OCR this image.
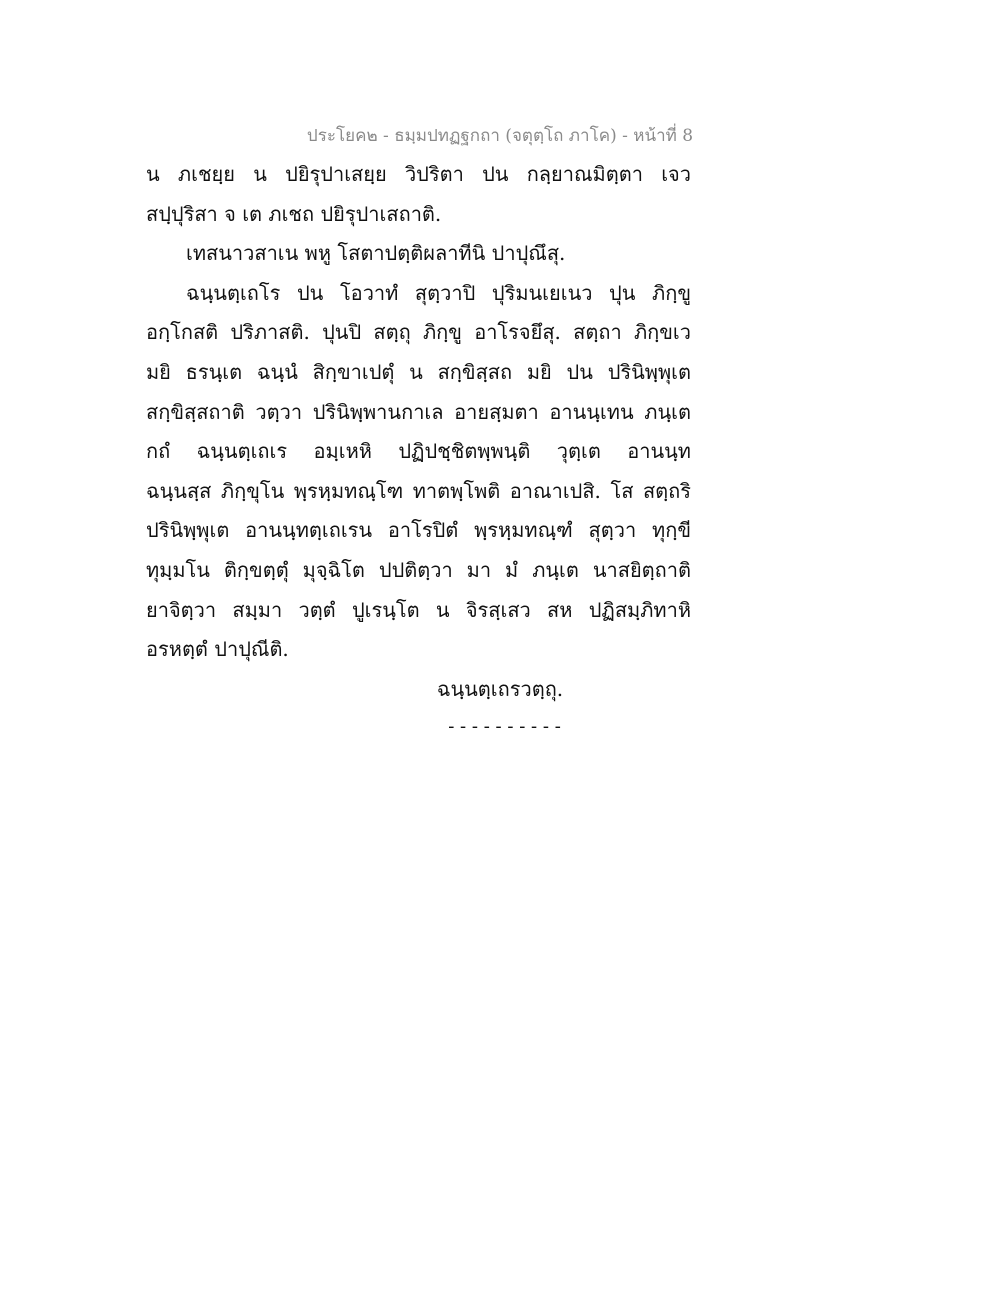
ประโยค๒ - ธมฺมปทฏฐกถา (จตุตฺโถ ภาโค) - หน้าที่ 8
น ภเชยฺย น ปยิรุปาเสยฺย วิปริตา ปน กลฺยาณมิตฺตา เจว
สปฺปุริสา จ เต ภเชถ ปยิรุปาเสถาติ.
เทสนาวสาเน พหู โสตาปตฺติผลาทีนิ ปาปุณึสุ.
ฉนฺนตฺเถโร ปน โอวาทํ สุตฺวาปิ ปุริมนเยเนว ปุน ภิกฺขู
อกฺโกสติ ปริภาสติ. ปุนปิ สตฺถุ ภิกฺขู อาโรจยึสุ. สตฺถา ภิกฺขเว
มยิ ธรนฺเต ฉนฺนํ สิกฺขาเปตุํ น สกฺขิสฺสถ มยิ ปน ปรินิพฺพุเต
สกฺขิสฺสถาติ วตฺวา ปรินิพฺพานกาเล อายสฺมตา อานนฺเทน ภนฺเต
กถํ ฉนฺนตฺเถเร อมฺเหหิ ปฏิปชฺชิตพฺพนฺติ วุตฺเต อานนฺท
ฉนฺนสฺส ภิกฺขุโน พฺรหฺมทณฺโฑ ทาตพฺโพติ อาณาเปสิ. โส สตฺถริ
ปรินิพฺพุเต อานนฺทตฺเถเรน อาโรปิตํ พฺรหฺมทณฺฑํ สุตฺวา ทุกฺขี
ทุมฺมโน ติกฺขตฺตุํ มุจฺฉิโต ปปติตฺวา มา มํ ภนฺเต นาสยิตฺถาติ
ยาจิตฺวา สมฺมา วตฺตํ ปูเรนฺโต น จิรสฺเสว สห ปฏิสมฺภิทาหิ
อรหตฺตํ ปาปุณีติ.
ฉนฺนตฺเถรวตฺถุ.
----------
